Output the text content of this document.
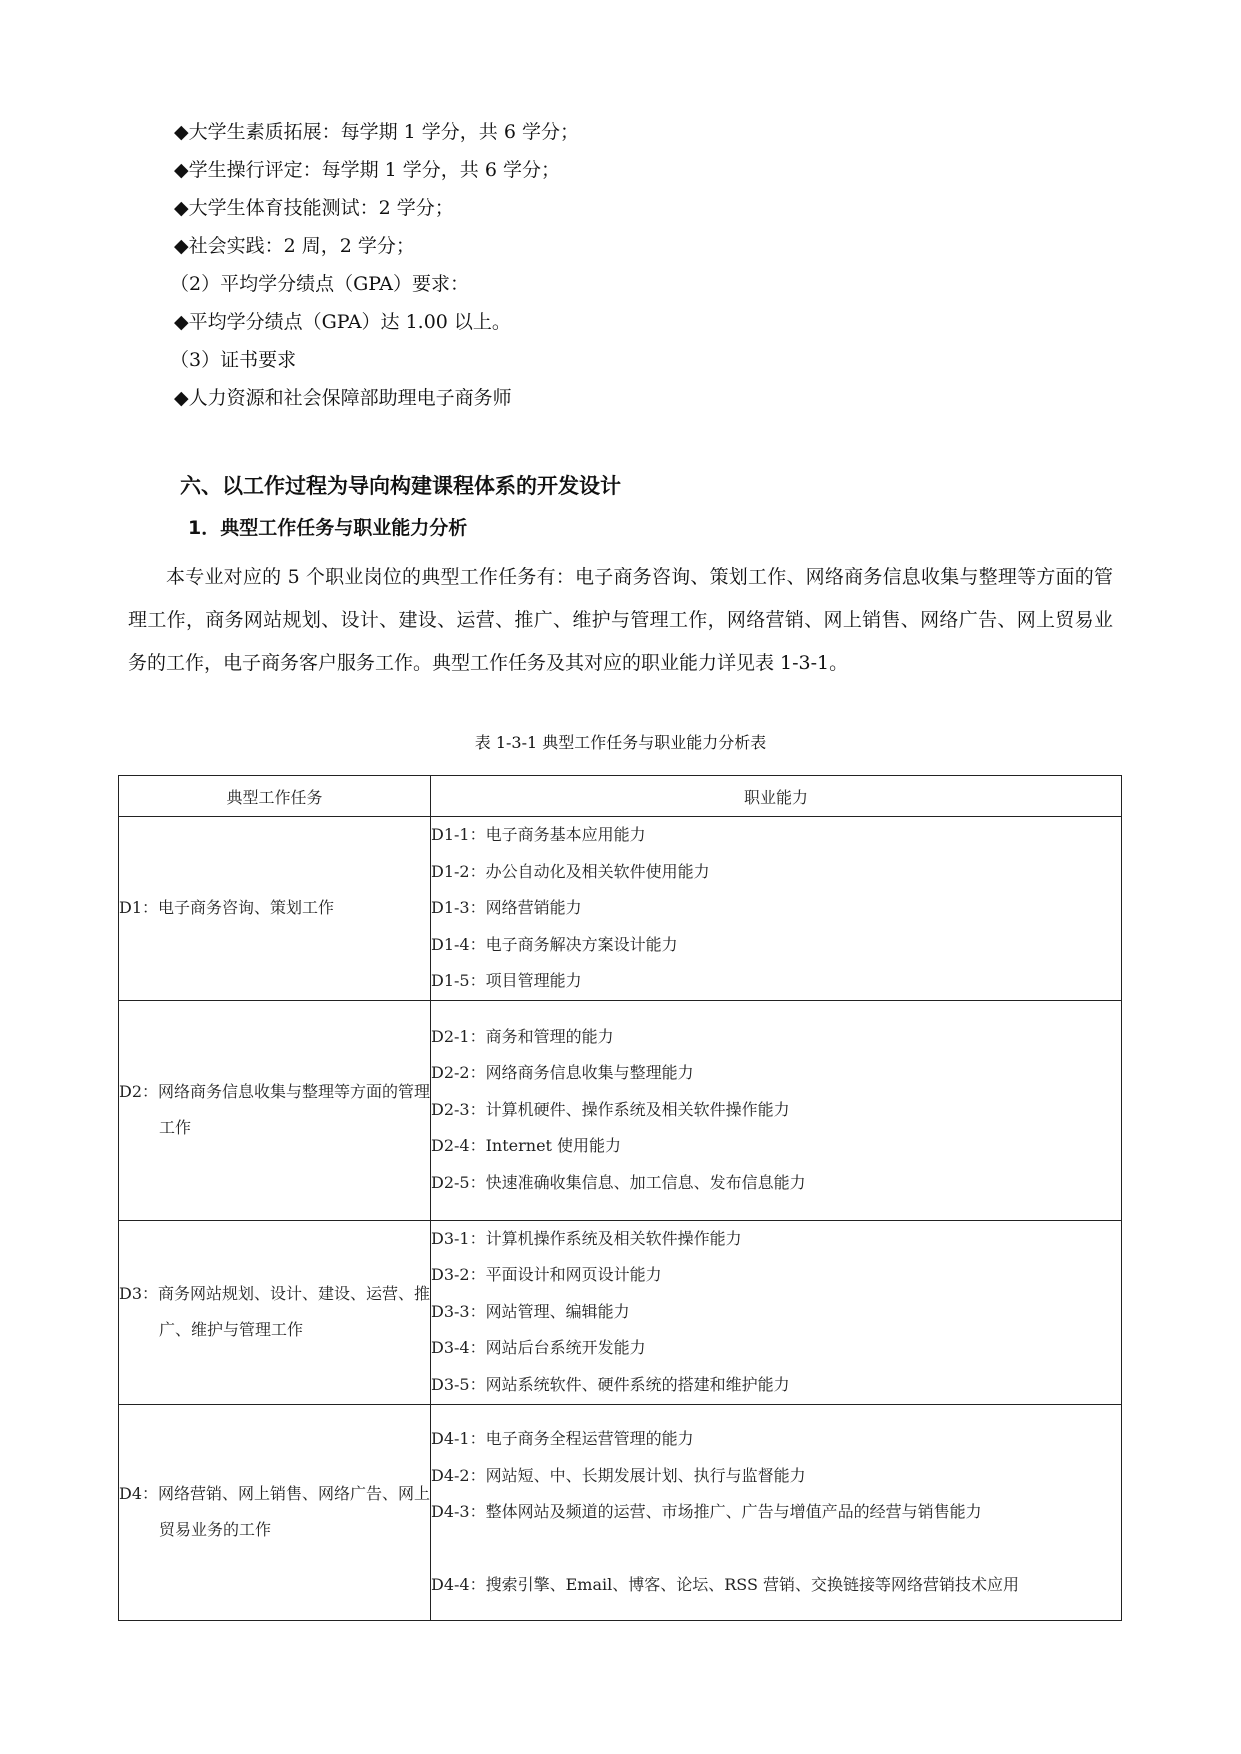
◆大学生素质拓展：每学期 1 学分，共 6 学分；
◆学生操行评定：每学期 1 学分，共 6 学分；
◆大学生体育技能测试：2 学分；
◆社会实践：2 周，2 学分；
（2）平均学分绩点（GPA）要求：
◆平均学分绩点（GPA）达 1.00 以上。
（3）证书要求
◆人力资源和社会保障部助理电子商务师
六、以工作过程为导向构建课程体系的开发设计
1．典型工作任务与职业能力分析
本专业对应的 5 个职业岗位的典型工作任务有：电子商务咨询、策划工作、网络商务信息收集与整理等方面的管理工作，商务网站规划、设计、建设、运营、推广、维护与管理工作，网络营销、网上销售、网络广告、网上贸易业务的工作，电子商务客户服务工作。典型工作任务及其对应的职业能力详见表 1-3-1。
表 1-3-1 典型工作任务与职业能力分析表
典型工作任务	职业能力

D1：电子商务咨询、策划工作	D1-1：电子商务基本应用能力
D1-2：办公自动化及相关软件使用能力
D1-3：网络营销能力
D1-4：电子商务解决方案设计能力
D1-5：项目管理能力

D2：网络商务信息收集与整理等方面的管理工作	D2-1：商务和管理的能力
D2-2：网络商务信息收集与整理能力
D2-3：计算机硬件、操作系统及相关软件操作能力
D2-4：Internet 使用能力
D2-5：快速准确收集信息、加工信息、发布信息能力

D3：商务网站规划、设计、建设、运营、推广、维护与管理工作	D3-1：计算机操作系统及相关软件操作能力
D3-2：平面设计和网页设计能力
D3-3：网站管理、编辑能力
D3-4：网站后台系统开发能力
D3-5：网站系统软件、硬件系统的搭建和维护能力

D4：网络营销、网上销售、网络广告、网上贸易业务的工作	D4-1：电子商务全程运营管理的能力
D4-2：网站短、中、长期发展计划、执行与监督能力
D4-3：整体网站及频道的运营、市场推广、广告与增值产品的经营与销售能力
D4-4：搜索引擎、Email、博客、论坛、RSS 营销、交换链接等网络营销技术应用
